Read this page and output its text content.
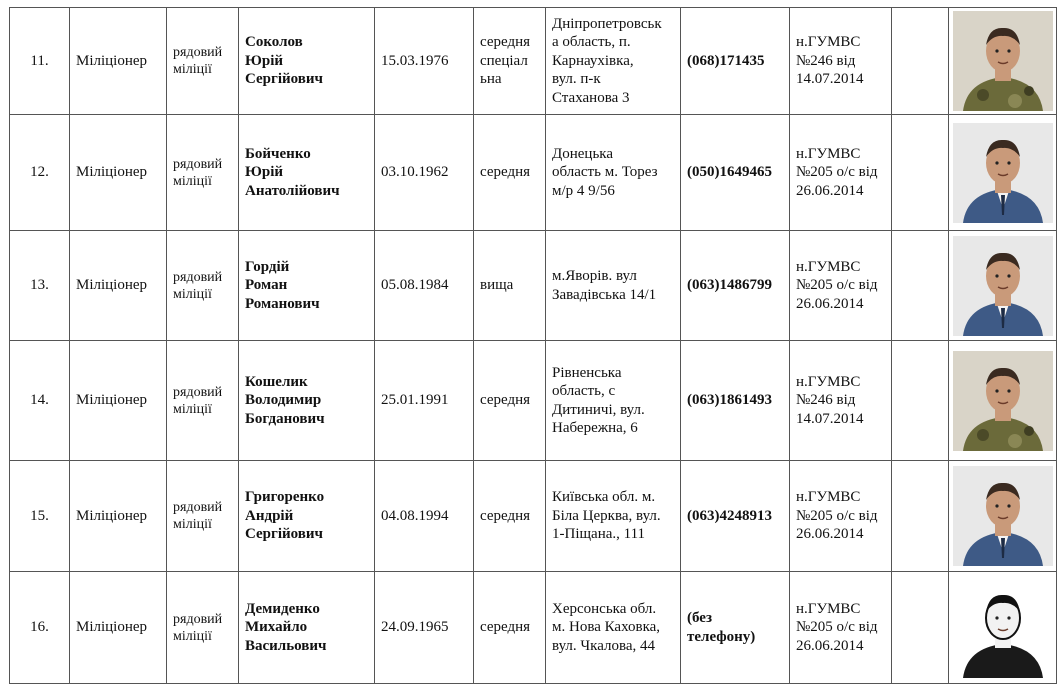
11.	Міліціонер	рядовий
міліції	Соколов
Юрій
Сергійович	15.03.1976	середня
спеціал
ьна	Дніпропетровськ
а область, п.
Карнаухівка,
вул. п-к
Стаханова 3	(068)171435	н.ГУМВС
№246 від
14.07.2014		

12.	Міліціонер	рядовий
міліції	Бойченко
Юрій
Анатолійович	03.10.1962	середня	Донецька
область м. Торез
м/р 4 9/56	(050)1649465	н.ГУМВС
№205 о/с від
26.06.2014		

13.	Міліціонер	рядовий
міліції	Гордій
Роман
Романович	05.08.1984	вища	м.Яворів. вул
Завадівська 14/1	(063)1486799	н.ГУМВС
№205 о/с від
26.06.2014		

14.	Міліціонер	рядовий
міліції	Кошелик
Володимир
Богданович	25.01.1991	середня	Рівненська
область, с
Дитиничі, вул.
Набережна, 6	(063)1861493	н.ГУМВС
№246 від
14.07.2014		

15.	Міліціонер	рядовий
міліції	Григоренко
Андрій
Сергійович	04.08.1994	середня	Київська обл. м.
Біла Церква, вул.
1-Піщана., 111	(063)4248913	н.ГУМВС
№205 о/с від
26.06.2014		

16.	Міліціонер	рядовий
міліції	Демиденко
Михайло
Васильович	24.09.1965	середня	Херсонська обл.
м. Нова Каховка,
вул. Чкалова, 44	(без
телефону)	н.ГУМВС
№205 о/с від
26.06.2014		
